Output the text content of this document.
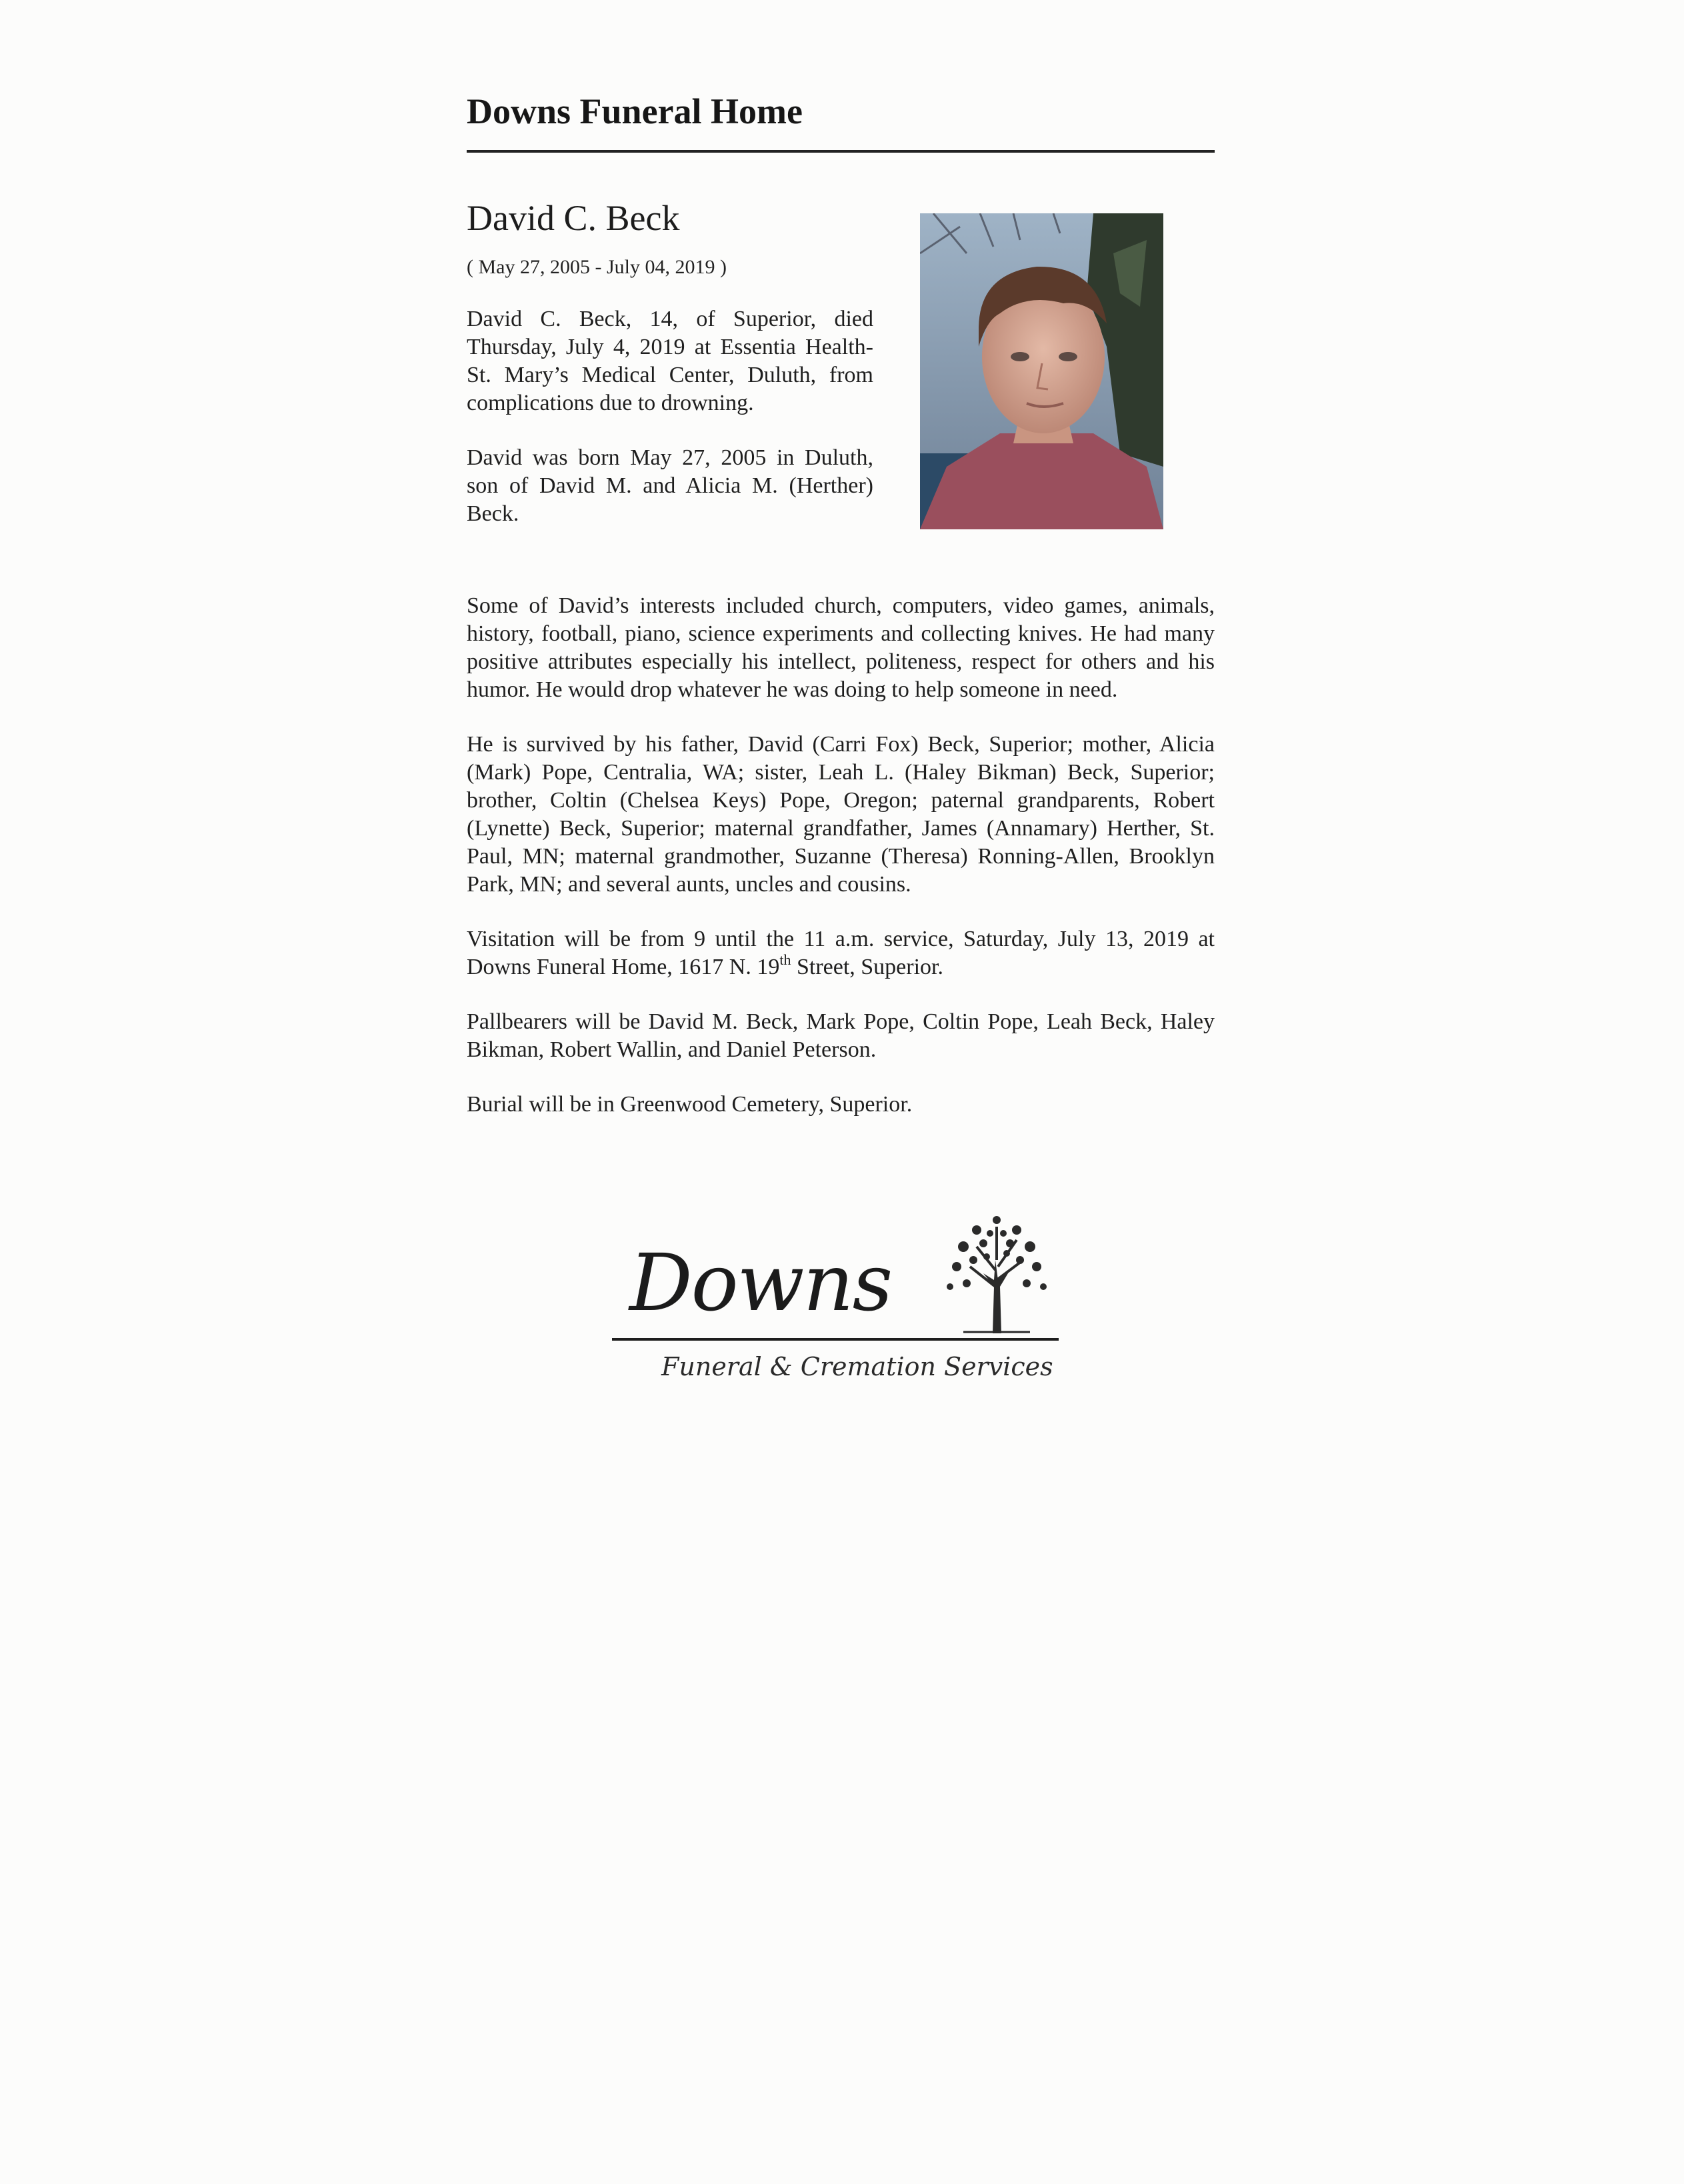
Downs Funeral Home
David C. Beck

( May 27, 2005 - July 04, 2019 )

David C. Beck, 14, of Superior, died Thursday, July 4, 2019 at Essentia Health-St. Mary’s Medical Center, Duluth, from complications due to drowning.

David was born May 27, 2005 in Duluth, son of David M. and Alicia M. (Herther) Beck.

Some of David’s interests included church, computers, video games, animals, history, football, piano, science experiments and collecting knives. He had many positive attributes especially his intellect, politeness, respect for others and his humor. He would drop whatever he was doing to help someone in need.

He is survived by his father, David (Carri Fox) Beck, Superior; mother, Alicia (Mark) Pope, Centralia, WA; sister, Leah L. (Haley Bikman) Beck, Superior; brother, Coltin (Chelsea Keys) Pope, Oregon; paternal grandparents, Robert (Lynette) Beck, Superior; maternal grandfather, James (Annamary) Herther, St. Paul, MN; maternal grandmother, Suzanne (Theresa) Ronning-Allen, Brooklyn Park, MN; and several aunts, uncles and cousins.

Visitation will be from 9 until the 11 a.m. service, Saturday, July 13, 2019 at Downs Funeral Home, 1617 N. 19th Street, Superior.

Pallbearers will be David M. Beck, Mark Pope, Coltin Pope, Leah Beck, Haley Bikman, Robert Wallin, and Daniel Peterson.

Burial will be in Greenwood Cemetery, Superior.

Downs
Funeral & Cremation Services
